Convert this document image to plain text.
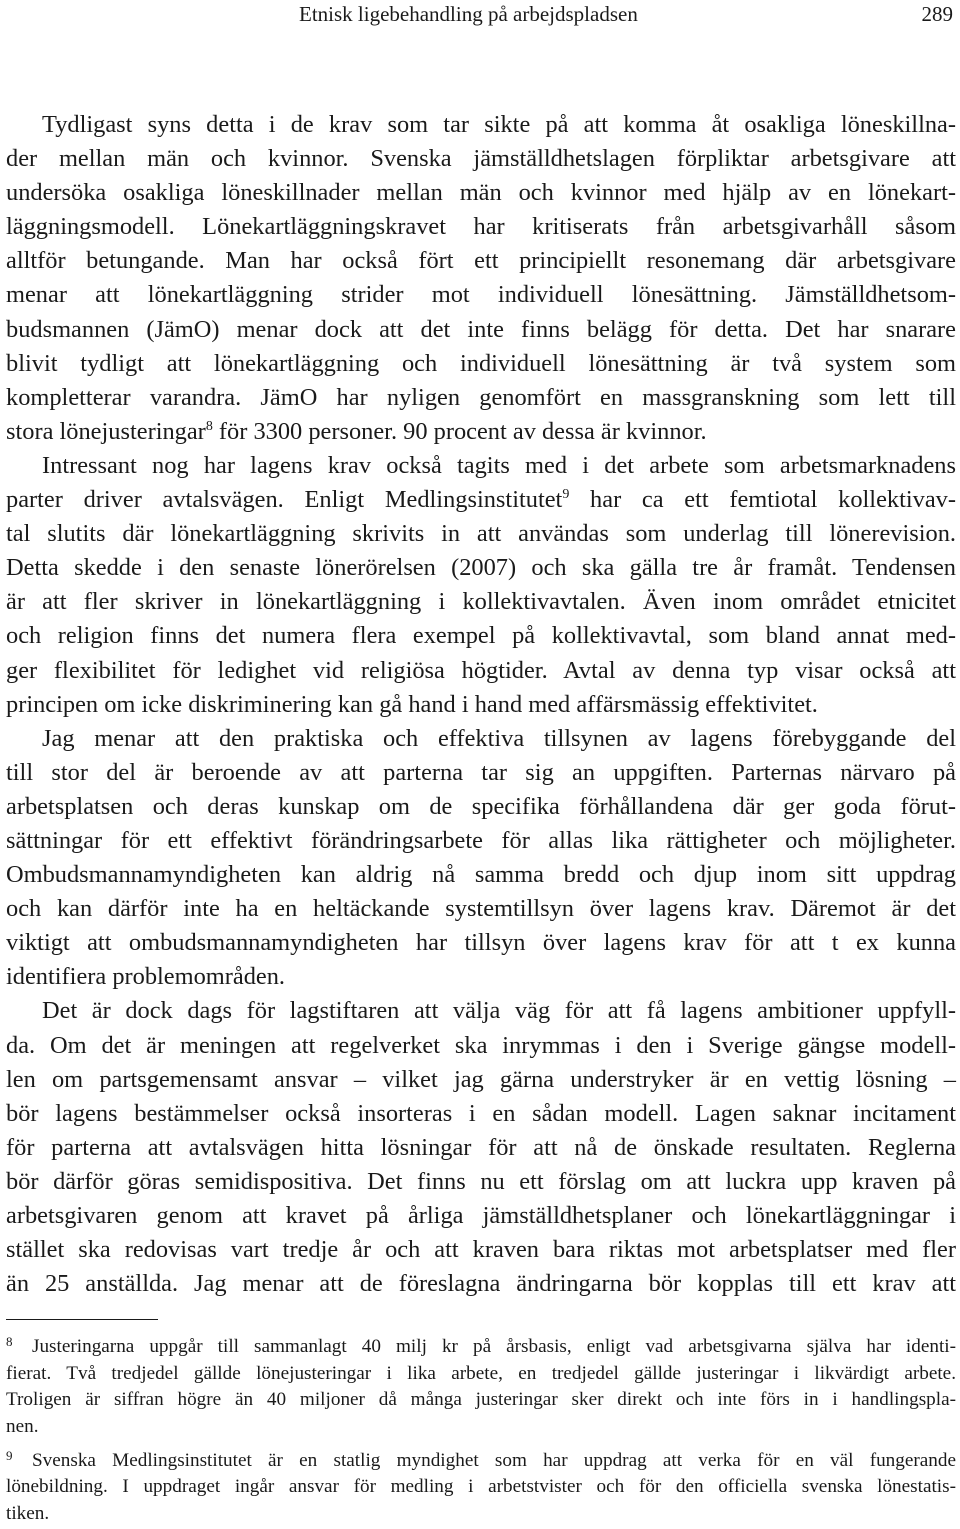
Etnisk ligebehandling på arbejdspladsen	289
Tydligast syns detta i de krav som tar sikte på att komma åt osakliga löneskillna-
der mellan män och kvinnor. Svenska jämställdhetslagen förpliktar arbetsgivare att
undersöka osakliga löneskillnader mellan män och kvinnor med hjälp av en lönekart-
läggningsmodell. Lönekartläggningskravet har kritiserats från arbetsgivarhåll såsom
alltför betungande. Man har också fört ett principiellt resonemang där arbetsgivare
menar att lönekartläggning strider mot individuell lönesättning. Jämställdhetsom-
budsmannen (JämO) menar dock att det inte finns belägg för detta. Det har snarare
blivit tydligt att lönekartläggning och individuell lönesättning är två system som
kompletterar varandra. JämO har nyligen genomfört en massgranskning som lett till
stora lönejusteringar$^8$ för 3300 personer. 90 procent av dessa är kvinnor.
Intressant nog har lagens krav också tagits med i det arbete som arbetsmarknadens
parter driver avtalsvägen. Enligt Medlingsinstitutet$^9$ har ca ett femtiotal kollektivav-
tal slutits där lönekartläggning skrivits in att användas som underlag till lönerevision.
Detta skedde i den senaste lönerörelsen (2007) och ska gälla tre år framåt. Tendensen
är att fler skriver in lönekartläggning i kollektivavtalen. Även inom området etnicitet
och religion finns det numera flera exempel på kollektivavtal, som bland annat med-
ger flexibilitet för ledighet vid religiösa högtider. Avtal av denna typ visar också att
principen om icke diskriminering kan gå hand i hand med affärsmässig effektivitet.
Jag menar att den praktiska och effektiva tillsynen av lagens förebyggande del
till stor del är beroende av att parterna tar sig an uppgiften. Parternas närvaro på
arbetsplatsen och deras kunskap om de specifika förhållandena där ger goda förut-
sättningar för ett effektivt förändringsarbete för allas lika rättigheter och möjligheter.
Ombudsmannamyndigheten kan aldrig nå samma bredd och djup inom sitt uppdrag
och kan därför inte ha en heltäckande systemtillsyn över lagens krav. Däremot är det
viktigt att ombudsmannamyndigheten har tillsyn över lagens krav för att t ex kunna
identifiera problemområden.
Det är dock dags för lagstiftaren att välja väg för att få lagens ambitioner uppfyll-
da. Om det är meningen att regelverket ska inrymmas i den i Sverige gängse modell-
len om partsgemensamt ansvar – vilket jag gärna understryker är en vettig lösning –
bör lagens bestämmelser också insorteras i en sådan modell. Lagen saknar incitament
för parterna att avtalsvägen hitta lösningar för att nå de önskade resultaten. Reglerna
bör därför göras semidispositiva. Det finns nu ett förslag om att luckra upp kraven på
arbetsgivaren genom att kravet på årliga jämställdhetsplaner och lönekartläggningar i
stället ska redovisas vart tredje år och att kraven bara riktas mot arbetsplatser med fler
än 25 anställda. Jag menar att de föreslagna ändringarna bör kopplas till ett krav att
8 Justeringarna uppgår till sammanlagt 40 milj kr på årsbasis, enligt vad arbetsgivarna själva har identi-
fierat. Två tredjedel gällde lönejusteringar i lika arbete, en tredjedel gällde justeringar i likvärdigt arbete.
Troligen är siffran högre än 40 miljoner då många justeringar sker direkt och inte förs in i handlingspla-
nen.
9 Svenska Medlingsinstitutet är en statlig myndighet som har uppdrag att verka för en väl fungerande
lönebildning. I uppdraget ingår ansvar för medling i arbetstvister och för den officiella svenska lönestatis-
tiken.
